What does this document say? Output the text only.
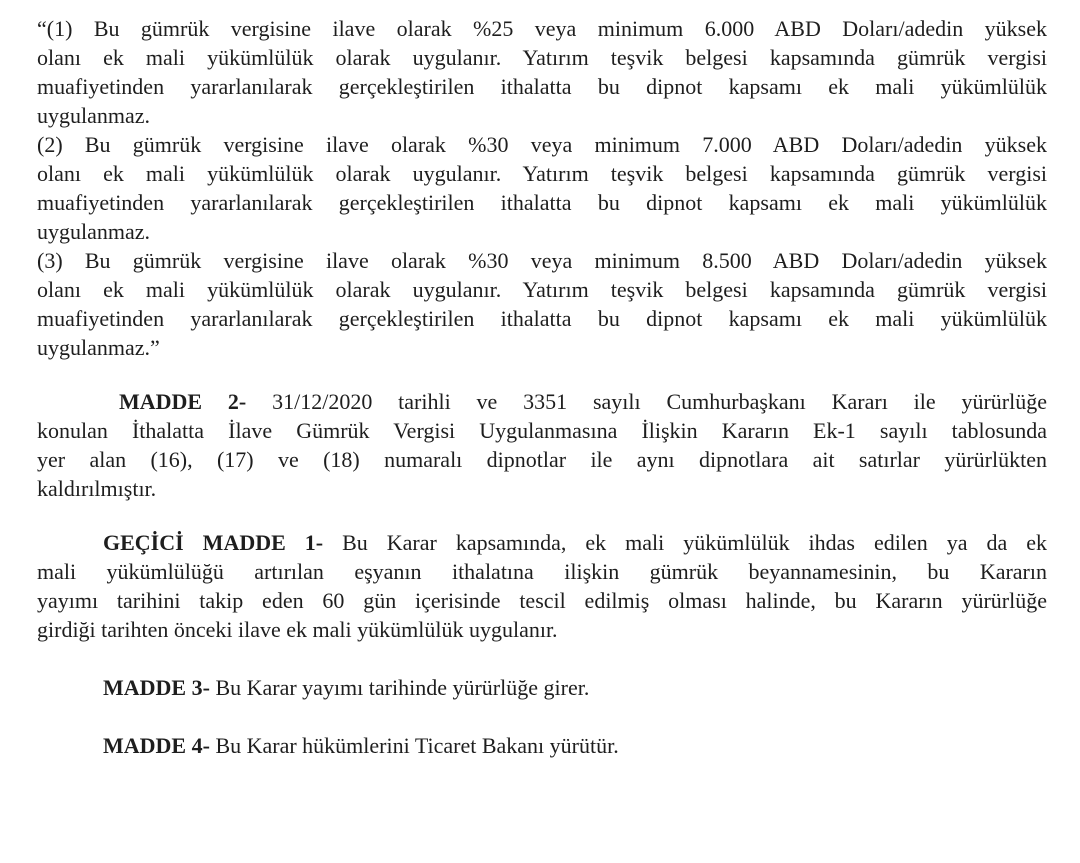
“(1) Bu gümrük vergisine ilave olarak %25 veya minimum 6.000 ABD Doları/adedin yüksek
olanı ek mali yükümlülük olarak uygulanır. Yatırım teşvik belgesi kapsamında gümrük vergisi
muafiyetinden yararlanılarak gerçekleştirilen ithalatta bu dipnot kapsamı ek mali yükümlülük
uygulanmaz.
(2) Bu gümrük vergisine ilave olarak %30 veya minimum 7.000 ABD Doları/adedin yüksek
olanı ek mali yükümlülük olarak uygulanır. Yatırım teşvik belgesi kapsamında gümrük vergisi
muafiyetinden yararlanılarak gerçekleştirilen ithalatta bu dipnot kapsamı ek mali yükümlülük
uygulanmaz.
(3) Bu gümrük vergisine ilave olarak %30 veya minimum 8.500 ABD Doları/adedin yüksek
olanı ek mali yükümlülük olarak uygulanır. Yatırım teşvik belgesi kapsamında gümrük vergisi
muafiyetinden yararlanılarak gerçekleştirilen ithalatta bu dipnot kapsamı ek mali yükümlülük
uygulanmaz.”
MADDE 2- 31/12/2020 tarihli ve 3351 sayılı Cumhurbaşkanı Kararı ile yürürlüğe
konulan İthalatta İlave Gümrük Vergisi Uygulanmasına İlişkin Kararın Ek-1 sayılı tablosunda
yer alan (16), (17) ve (18) numaralı dipnotlar ile aynı dipnotlara ait satırlar yürürlükten
kaldırılmıştır.
GEÇİCİ MADDE 1- Bu Karar kapsamında, ek mali yükümlülük ihdas edilen ya da ek
mali yükümlülüğü artırılan eşyanın ithalatına ilişkin gümrük beyannamesinin, bu Kararın
yayımı tarihini takip eden 60 gün içerisinde tescil edilmiş olması halinde, bu Kararın yürürlüğe
girdiği tarihten önceki ilave ek mali yükümlülük uygulanır.
MADDE 3- Bu Karar yayımı tarihinde yürürlüğe girer.
MADDE 4- Bu Karar hükümlerini Ticaret Bakanı yürütür.
